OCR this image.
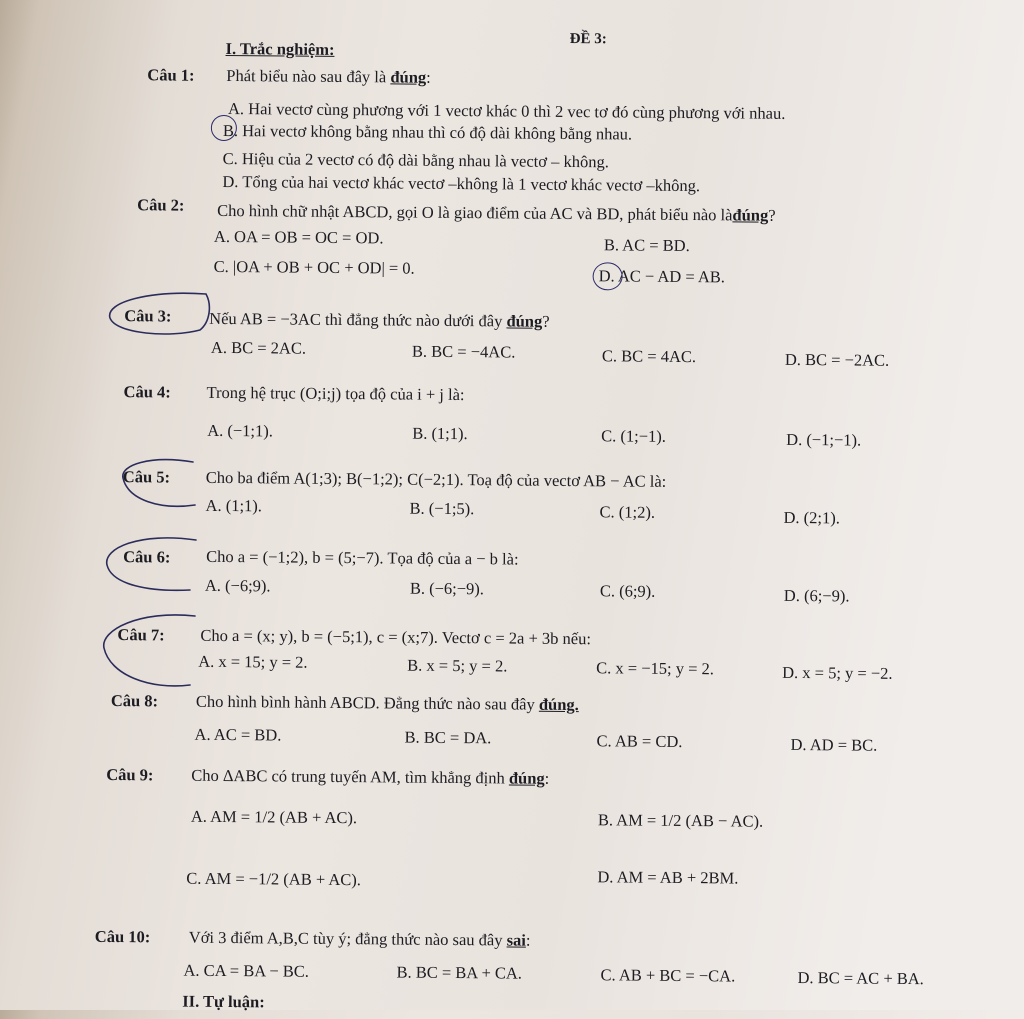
ĐỀ 3:
I. Trắc nghiệm:
Câu 1: Phát biểu nào sau đây là đúng:
A. Hai vectơ cùng phương với 1 vectơ khác 0 thì 2 vec tơ đó cùng phương với nhau.
B. Hai vectơ không bằng nhau thì có độ dài không bằng nhau.
C. Hiệu của 2 vectơ có độ dài bằng nhau là vectơ – không.
D. Tổng của hai vectơ khác vectơ –không là 1 vectơ khác vectơ –không.
Câu 2: Cho hình chữ nhật ABCD, gọi O là giao điểm của AC và BD, phát biểu nào làđúng?
A. OA = OB = OC = OD.	B. AC = BD.
C. |OA + OB + OC + OD| = 0.	D. AC − AD = AB.
Câu 3: Nếu AB = −3AC thì đẳng thức nào dưới đây đúng?
A. BC = 2AC.	B. BC = −4AC.	C. BC = 4AC.	D. BC = −2AC.
Câu 4: Trong hệ trục (O;i;j) tọa độ của i + j là:
A. (−1;1).	B. (1;1).	C. (1;−1).	D. (−1;−1).
Câu 5: Cho ba điểm A(1;3); B(−1;2); C(−2;1). Toạ độ của vectơ AB − AC là:
A. (1;1).	B. (−1;5).	C. (1;2).	D. (2;1).
Câu 6: Cho a = (−1;2), b = (5;−7). Tọa độ của a − b là:
A. (−6;9).	B. (−6;−9).	C. (6;9).	D. (6;−9).
Câu 7: Cho a = (x; y), b = (−5;1), c = (x;7). Vectơ c = 2a + 3b nếu:
A. x = 15; y = 2.	B. x = 5; y = 2.	C. x = −15; y = 2.	D. x = 5; y = −2.
Câu 8: Cho hình bình hành ABCD. Đẳng thức nào sau đây đúng.
A. AC = BD.	B. BC = DA.	C. AB = CD.	D. AD = BC.
Câu 9: Cho ΔABC có trung tuyến AM, tìm khẳng định đúng:
A. AM = 1/2 (AB + AC).	B. AM = 1/2 (AB − AC).
C. AM = −1/2 (AB + AC).	D. AM = AB + 2BM.
Câu 10: Với 3 điểm A,B,C tùy ý; đẳng thức nào sau đây sai:
A. CA = BA − BC.	B. BC = BA + CA.	C. AB + BC = −CA.	D. BC = AC + BA.
II. Tự luận:
